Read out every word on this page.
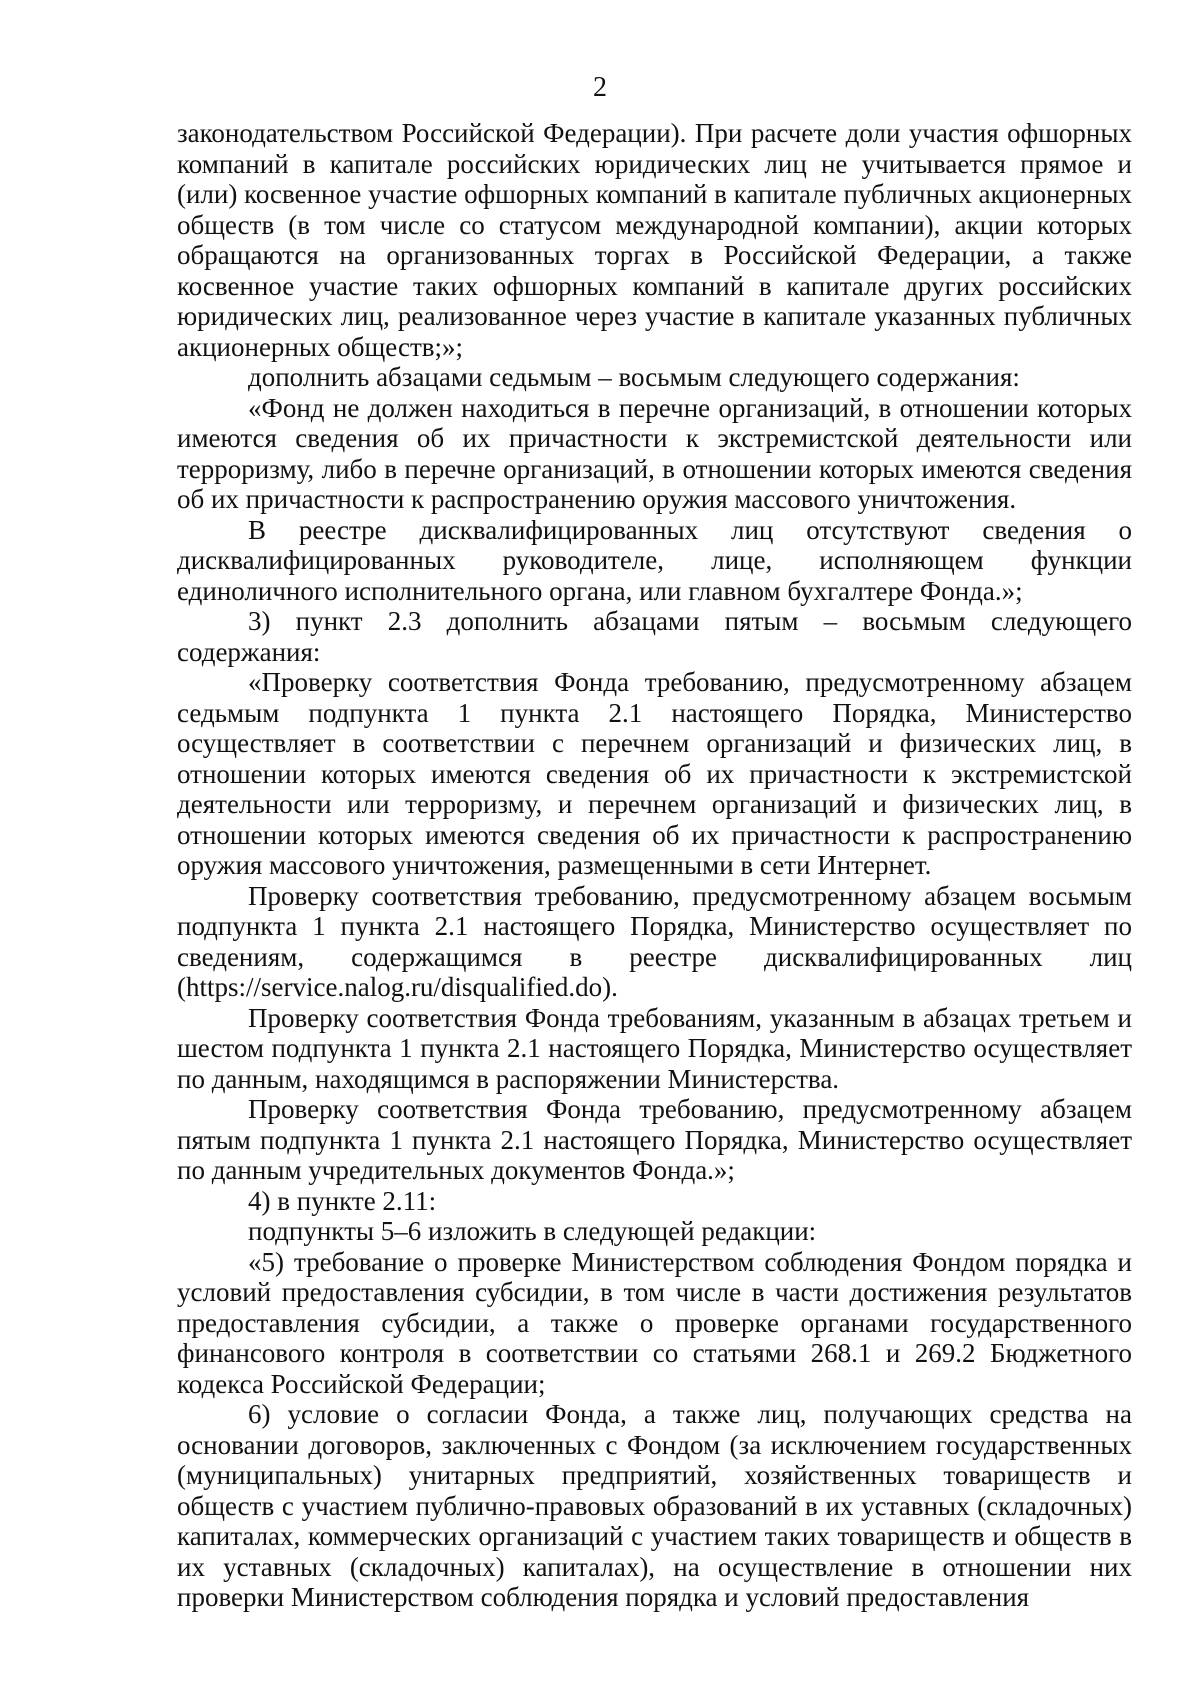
2

законодательством Российской Федерации). При расчете доли участия офшорных компаний в капитале российских юридических лиц не учитывается прямое и (или) косвенное участие офшорных компаний в капитале публичных акционерных обществ (в том числе со статусом международной компании), акции которых обращаются на организованных торгах в Российской Федерации, а также косвенное участие таких офшорных компаний в капитале других российских юридических лиц, реализованное через участие в капитале указанных публичных акционерных обществ;»;

дополнить абзацами седьмым – восьмым следующего содержания:

«Фонд не должен находиться в перечне организаций, в отношении которых имеются сведения об их причастности к экстремистской деятельности или терроризму, либо в перечне организаций, в отношении которых имеются сведения об их причастности к распространению оружия массового уничтожения.

В реестре дисквалифицированных лиц отсутствуют сведения о дисквалифицированных руководителе, лице, исполняющем функции единоличного исполнительного органа, или главном бухгалтере Фонда.»;

3) пункт 2.3 дополнить абзацами пятым – восьмым следующего содержания:

«Проверку соответствия Фонда требованию, предусмотренному абзацем седьмым подпункта 1 пункта 2.1 настоящего Порядка, Министерство осуществляет в соответствии с перечнем организаций и физических лиц, в отношении которых имеются сведения об их причастности к экстремистской деятельности или терроризму, и перечнем организаций и физических лиц, в отношении которых имеются сведения об их причастности к распространению оружия массового уничтожения, размещенными в сети Интернет.

Проверку соответствия требованию, предусмотренному абзацем восьмым подпункта 1 пункта 2.1 настоящего Порядка, Министерство осуществляет по сведениям, содержащимся в реестре дисквалифицированных лиц (https://service.nalog.ru/disqualified.do).

Проверку соответствия Фонда требованиям, указанным в абзацах третьем и шестом подпункта 1 пункта 2.1 настоящего Порядка, Министерство осуществляет по данным, находящимся в распоряжении Министерства.

Проверку соответствия Фонда требованию, предусмотренному абзацем пятым подпункта 1 пункта 2.1 настоящего Порядка, Министерство осуществляет по данным учредительных документов Фонда.»;

4) в пункте 2.11:

подпункты 5–6 изложить в следующей редакции:

«5) требование о проверке Министерством соблюдения Фондом порядка и условий предоставления субсидии, в том числе в части достижения результатов предоставления субсидии, а также о проверке органами государственного финансового контроля в соответствии со статьями 268.1 и 269.2 Бюджетного кодекса Российской Федерации;

6) условие о согласии Фонда, а также лиц, получающих средства на основании договоров, заключенных с Фондом (за исключением государственных (муниципальных) унитарных предприятий, хозяйственных товариществ и обществ с участием публично-правовых образований в их уставных (складочных) капиталах, коммерческих организаций с участием таких товариществ и обществ в их уставных (складочных) капиталах), на осуществление в отношении них проверки Министерством соблюдения порядка и условий предоставления
